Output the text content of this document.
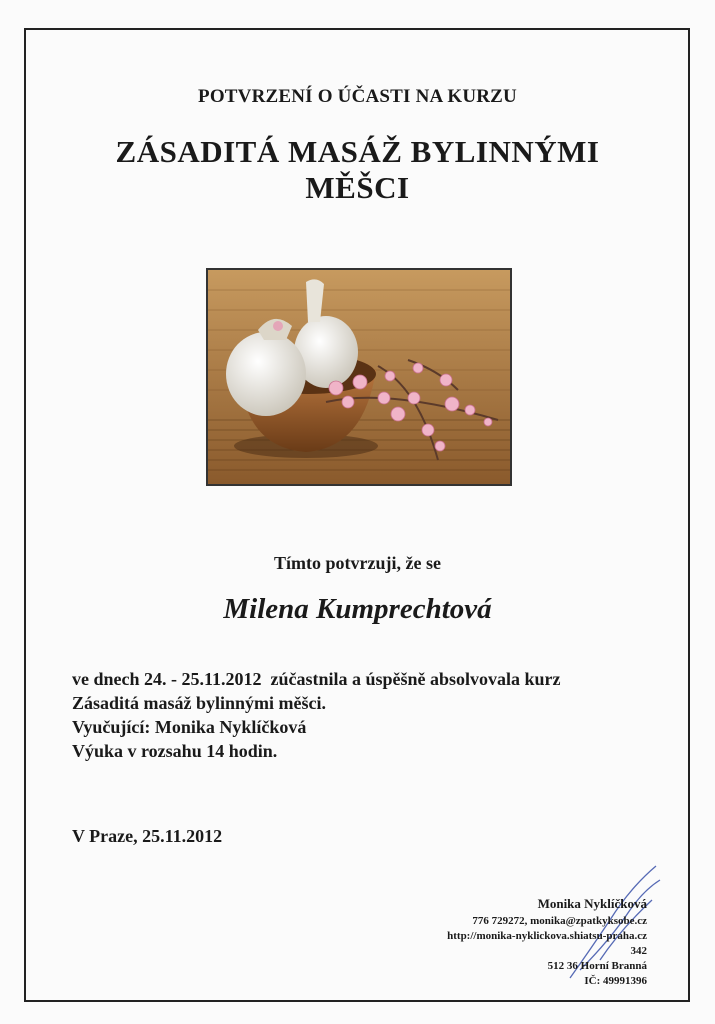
POTVRZENÍ O ÚČASTI NA KURZU
ZÁSADITÁ MASÁŽ BYLINNÝMI
MĚŠCI
Tímto potvrzuji, že se
Milena Kumprechtová
ve dnech 24. - 25.11.2012  zúčastnila a úspěšně absolvovala kurz
Zásaditá masáž bylinnými měšci.
Vyučující: Monika Nyklíčková
Výuka v rozsahu 14 hodin.
V Praze, 25.11.2012
Monika Nyklíčková
776 729272, monika@zpatkyksobe.cz
http://monika-nyklickova.shiatsu-praha.cz
342
512 36 Horní Branná
IČ: 49991396
